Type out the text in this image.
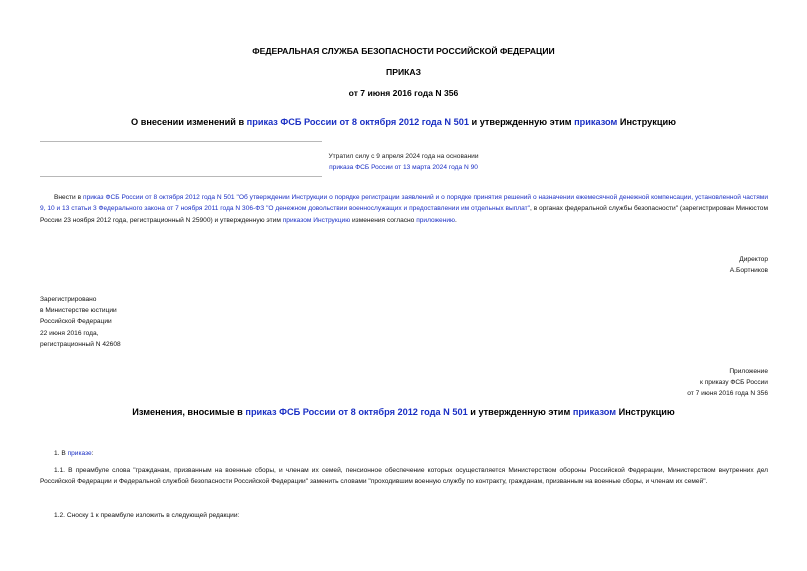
ФЕДЕРАЛЬНАЯ СЛУЖБА БЕЗОПАСНОСТИ РОССИЙСКОЙ ФЕДЕРАЦИИ
ПРИКАЗ
от 7 июня 2016 года N 356
О внесении изменений в приказ ФСБ России от 8 октября 2012 года N 501 и утвержденную этим приказом Инструкцию
Утратил силу с 9 апреля 2024 года на основании
приказа ФСБ России от 13 марта 2024 года N 90
Внести в приказ ФСБ России от 8 октября 2012 года N 501 "Об утверждении Инструкции о порядке регистрации заявлений и о порядке принятия решений о назначении ежемесячной денежной компенсации, установленной частями 9, 10 и 13 статьи 3 Федерального закона от 7 ноября 2011 года N 306-ФЗ "О денежном довольствии военнослужащих и предоставлении им отдельных выплат", в органах федеральной службы безопасности" (зарегистрирован Минюстом России 23 ноября 2012 года, регистрационный N 25900) и утвержденную этим приказом Инструкцию изменения согласно приложению.
Директор
А.Бортников
Зарегистрировано
в Министерстве юстиции
Российской Федерации
22 июня 2016 года,
регистрационный N 42608
Приложение
к приказу ФСБ России
от 7 июня 2016 года N 356
Изменения, вносимые в приказ ФСБ России от 8 октября 2012 года N 501 и утвержденную этим приказом Инструкцию
1. В приказе:
1.1. В преамбуле слова "гражданам, призванным на военные сборы, и членам их семей, пенсионное обеспечение которых осуществляется Министерством обороны Российской Федерации, Министерством внутренних дел Российской Федерации и Федеральной службой безопасности Российской Федерации" заменить словами "проходившим военную службу по контракту, гражданам, призванным на военные сборы, и членам их семей".
1.2. Сноску 1 к преамбуле изложить в следующей редакции:
